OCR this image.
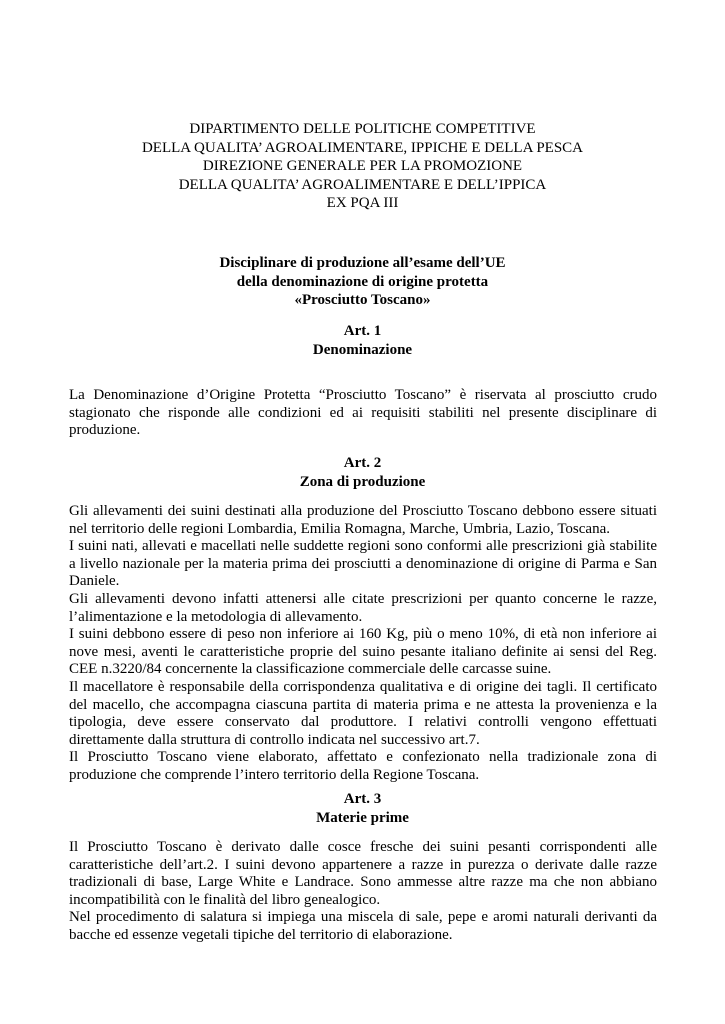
DIPARTIMENTO DELLE POLITICHE COMPETITIVE
DELLA QUALITA’ AGROALIMENTARE, IPPICHE E DELLA PESCA
DIREZIONE GENERALE PER LA PROMOZIONE
DELLA QUALITA’ AGROALIMENTARE E DELL’IPPICA
EX PQA III
Disciplinare di produzione all’esame dell’UE
della denominazione di origine protetta
«Prosciutto Toscano»
Art. 1
Denominazione

La Denominazione d’Origine Protetta “Prosciutto Toscano” è riservata al prosciutto crudo stagionato che risponde alle condizioni ed ai requisiti stabiliti nel presente disciplinare di produzione.

Art. 2
Zona di produzione

Gli allevamenti dei suini destinati alla produzione del Prosciutto Toscano debbono essere situati nel territorio delle regioni Lombardia, Emilia Romagna, Marche, Umbria, Lazio, Toscana.

I suini nati, allevati e macellati nelle suddette regioni sono conformi alle prescrizioni già stabilite a livello nazionale per la materia prima dei prosciutti a denominazione di origine di Parma e San Daniele.

Gli allevamenti devono infatti attenersi alle citate prescrizioni per quanto concerne le razze, l’alimentazione e la metodologia di allevamento.

I suini debbono essere di peso non inferiore ai 160 Kg, più o meno 10%, di età non inferiore ai nove mesi, aventi le caratteristiche proprie del suino pesante italiano definite ai sensi del Reg. CEE n.3220/84 concernente la classificazione commerciale delle carcasse suine.

Il macellatore è responsabile della corrispondenza qualitativa e di origine dei tagli. Il certificato del macello, che accompagna ciascuna partita di materia prima e ne attesta la provenienza e la tipologia, deve essere conservato dal produttore. I relativi controlli vengono effettuati direttamente dalla struttura di controllo indicata nel successivo art.7.

Il Prosciutto Toscano viene elaborato, affettato e confezionato nella tradizionale zona di produzione che comprende l’intero territorio della Regione Toscana.

Art. 3
Materie prime

Il Prosciutto Toscano è derivato dalle cosce fresche dei suini pesanti corrispondenti alle caratteristiche dell’art.2. I suini devono appartenere a razze in purezza o derivate dalle razze tradizionali di base, Large White e Landrace. Sono ammesse altre razze ma che non abbiano incompatibilità con le finalità del libro genealogico.

Nel procedimento di salatura si impiega una miscela di sale, pepe e aromi naturali derivanti da bacche ed essenze vegetali tipiche del territorio di elaborazione.
